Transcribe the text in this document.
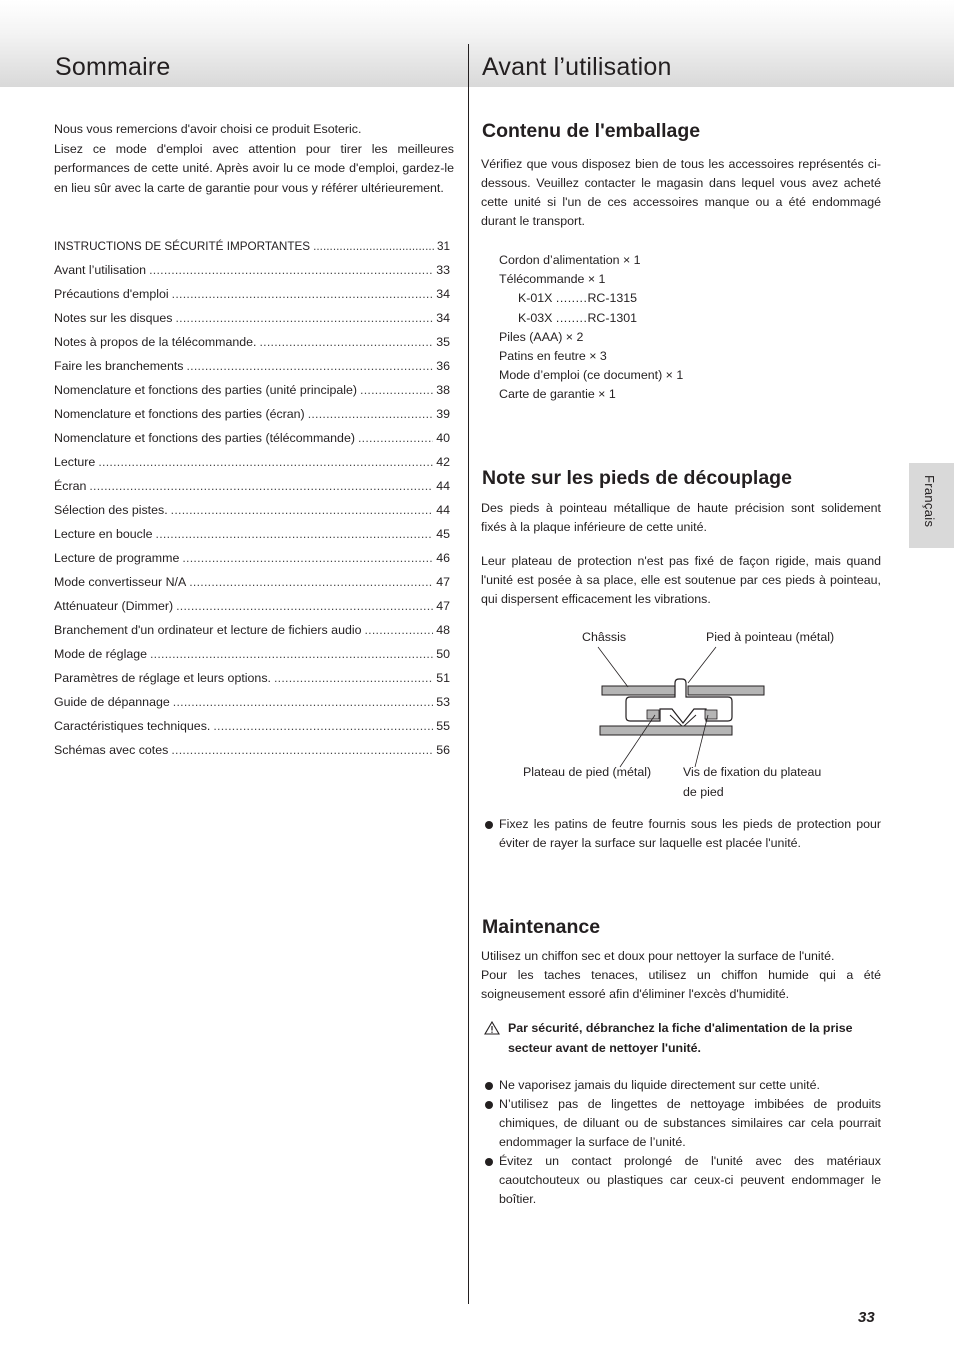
Sommaire	Avant l’utilisation
Français

Nous vous remercions d'avoir choisi ce produit Esoteric.

Lisez ce mode d'emploi avec attention pour tirer les meilleures performances de cette unité. Après avoir lu ce mode d'emploi, gardez-le en lieu sûr avec la carte de garantie pour vous y référer ultérieurement.

INSTRUCTIONS DE SÉCURITÉ IMPORTANTES . . .	31
Avant l’utilisation . . .	33
Précautions d'emploi . . .	34
Notes sur les disques . . .	34
Notes à propos de la télécommande. . . .	35
Faire les branchements . . .	36
Nomenclature et fonctions des parties (unité principale) . . .	38
Nomenclature et fonctions des parties (écran) . . .	39
Nomenclature et fonctions des parties (télécommande) . . .	40
Lecture . . .	42
Écran . . .	44
Sélection des pistes. . . .	44
Lecture en boucle . . .	45
Lecture de programme . . .	46
Mode convertisseur N/A . . .	47
Atténuateur (Dimmer) . . .	47
Branchement d'un ordinateur et lecture de fichiers audio . . .	48
Mode de réglage . . .	50
Paramètres de réglage et leurs options. . . .	51
Guide de dépannage . . .	53
Caractéristiques techniques. . . .	55
Schémas avec cotes . . .	56
Contenu de l'emballage

Vérifiez que vous disposez bien de tous les accessoires représentés ci-dessous. Veuillez contacter le magasin dans lequel vous avez acheté cette unité si l'un de ces accessoires manque ou a été endommagé durant le transport.

Cordon d’alimentation × 1
Télécommande × 1
K-01X ........RC-1315
K-03X ........RC-1301
Piles (AAA) × 2
Patins en feutre × 3
Mode d’emploi (ce document) × 1
Carte de garantie × 1
Note sur les pieds de découplage

Des pieds à pointeau métallique de haute précision sont solidement fixés à la plaque inférieure de cette unité.

Leur plateau de protection n'est pas fixé de façon rigide, mais quand l'unité est posée à sa place, elle est soutenue par ces pieds à pointeau, qui dispersent efficacement les vibrations.

Châssis	Pied à pointeau (métal)
Plateau de pied (métal)	Vis de fixation du plateau
de pied
Fixez les patins de feutre fournis sous les pieds de protection pour éviter de rayer la surface sur laquelle est placée l'unité.
Maintenance

Utilisez un chiffon sec et doux pour nettoyer la surface de l'unité.

Pour les taches tenaces, utilisez un chiffon humide qui a été soigneusement essoré afin d'éliminer l'excès d'humidité.

Par sécurité, débranchez la fiche d'alimentation de la prise secteur avant de nettoyer l'unité.
Ne vaporisez jamais du liquide directement sur cette unité.
N’utilisez pas de lingettes de nettoyage imbibées de produits chimiques, de diluant ou de substances similaires car cela pourrait endommager la surface de l’unité.
Évitez un contact prolongé de l'unité avec des matériaux caoutchouteux ou plastiques car ceux-ci peuvent endommager le boîtier.
33
